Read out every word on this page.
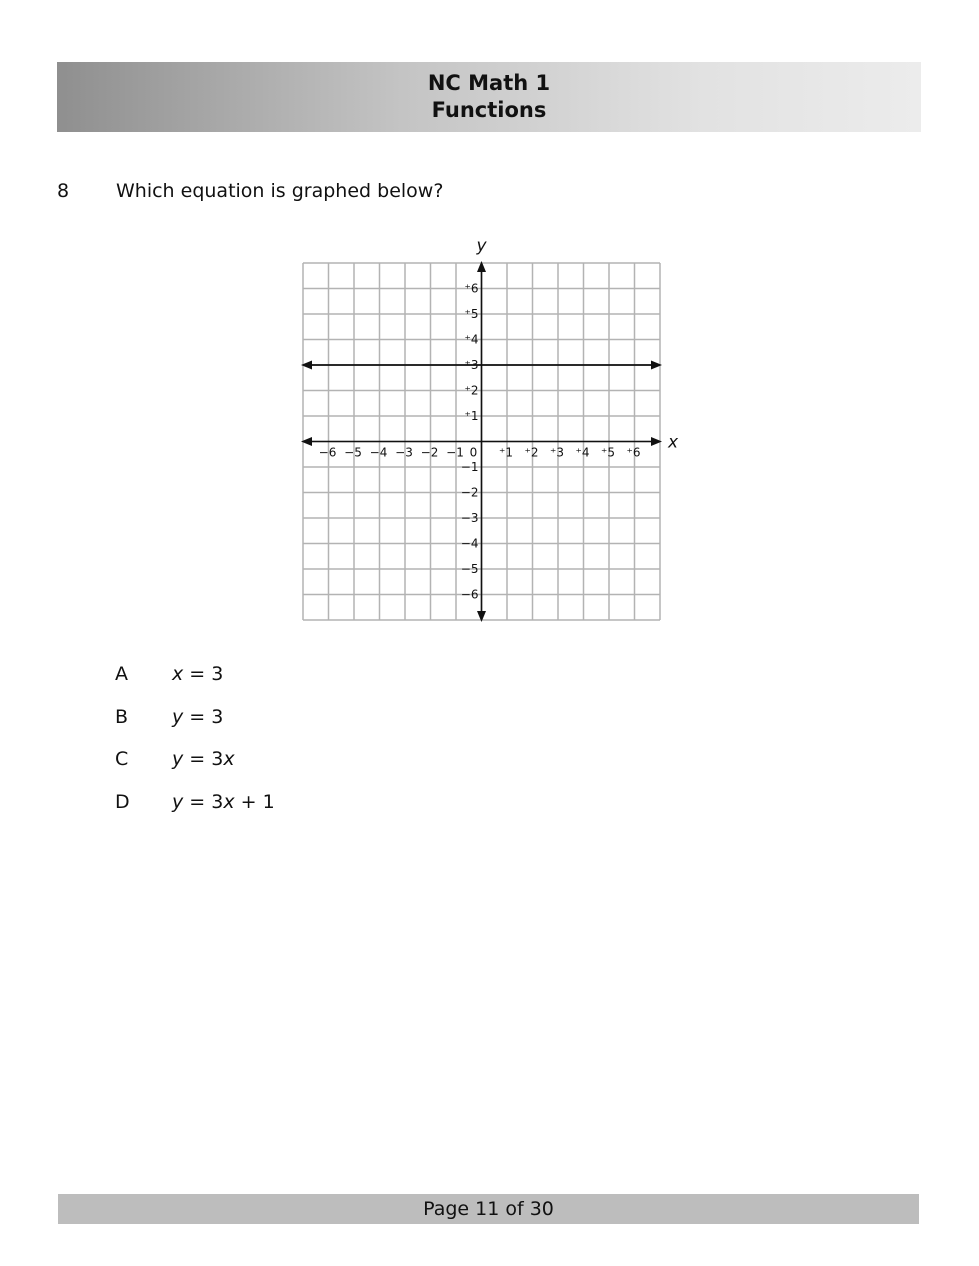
NC Math 1
Functions
8 Which equation is graphed below?
x
y
−6 −5 −4 −3 −2 −1 0 ⁺1 ⁺2 ⁺3 ⁺4 ⁺5 ⁺6
⁺6
⁺5
⁺4
⁺3
⁺2
⁺1
−1
−2
−3
−4
−5
−6
A x = 3
B y = 3
C y = 3x
D y = 3x + 1
Page 11 of 30
